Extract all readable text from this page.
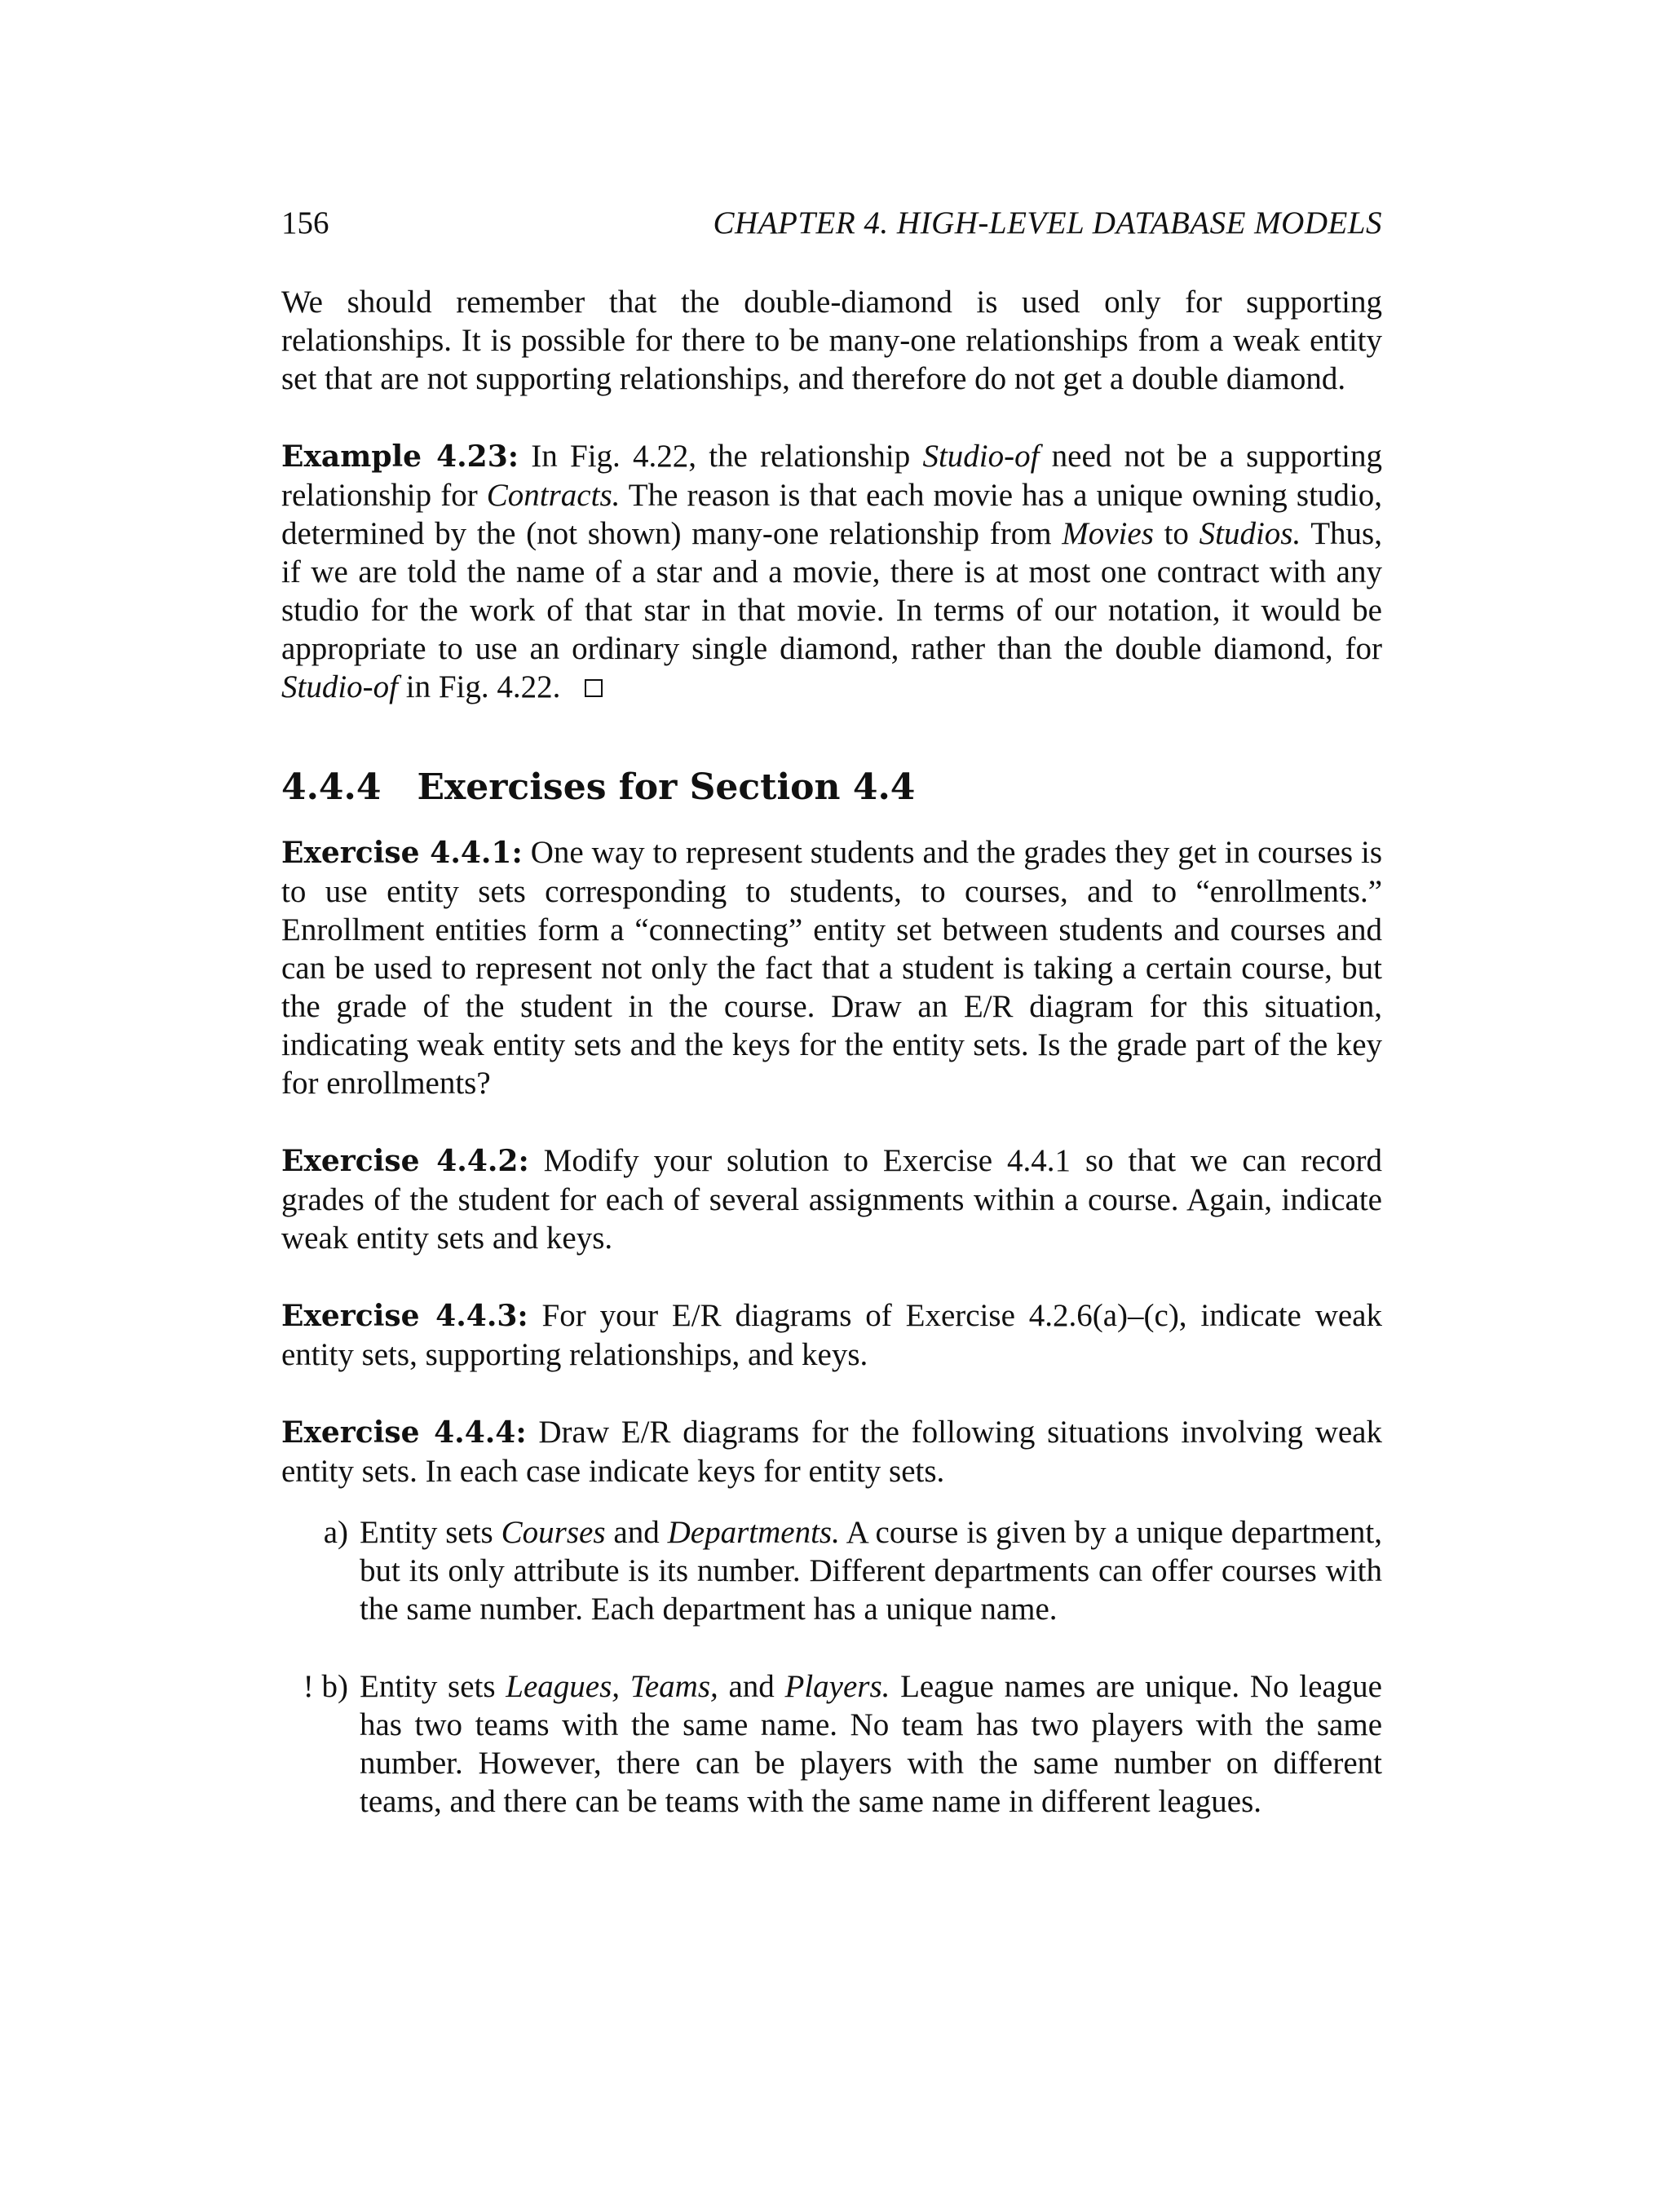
156	CHAPTER 4. HIGH-LEVEL DATABASE MODELS

We should remember that the double-diamond is used only for supporting relationships. It is possible for there to be many-one relationships from a weak entity set that are not supporting relationships, and therefore do not get a double diamond.

Example 4.23: In Fig. 4.22, the relationship Studio-of need not be a supporting relationship for Contracts. The reason is that each movie has a unique owning studio, determined by the (not shown) many-one relationship from Movies to Studios. Thus, if we are told the name of a star and a movie, there is at most one contract with any studio for the work of that star in that movie. In terms of our notation, it would be appropriate to use an ordinary single diamond, rather than the double diamond, for Studio-of in Fig. 4.22.

4.4.4 Exercises for Section 4.4

Exercise 4.4.1: One way to represent students and the grades they get in courses is to use entity sets corresponding to students, to courses, and to “enrollments.” Enrollment entities form a “connecting” entity set between students and courses and can be used to represent not only the fact that a student is taking a certain course, but the grade of the student in the course. Draw an E/R diagram for this situation, indicating weak entity sets and the keys for the entity sets. Is the grade part of the key for enrollments?

Exercise 4.4.2: Modify your solution to Exercise 4.4.1 so that we can record grades of the student for each of several assignments within a course. Again, indicate weak entity sets and keys.

Exercise 4.4.3: For your E/R diagrams of Exercise 4.2.6(a)–(c), indicate weak entity sets, supporting relationships, and keys.

Exercise 4.4.4: Draw E/R diagrams for the following situations involving weak entity sets. In each case indicate keys for entity sets.

a) Entity sets Courses and Departments. A course is given by a unique department, but its only attribute is its number. Different departments can offer courses with the same number. Each department has a unique name.
! b) Entity sets Leagues, Teams, and Players. League names are unique. No league has two teams with the same name. No team has two players with the same number. However, there can be players with the same number on different teams, and there can be teams with the same name in different leagues.
